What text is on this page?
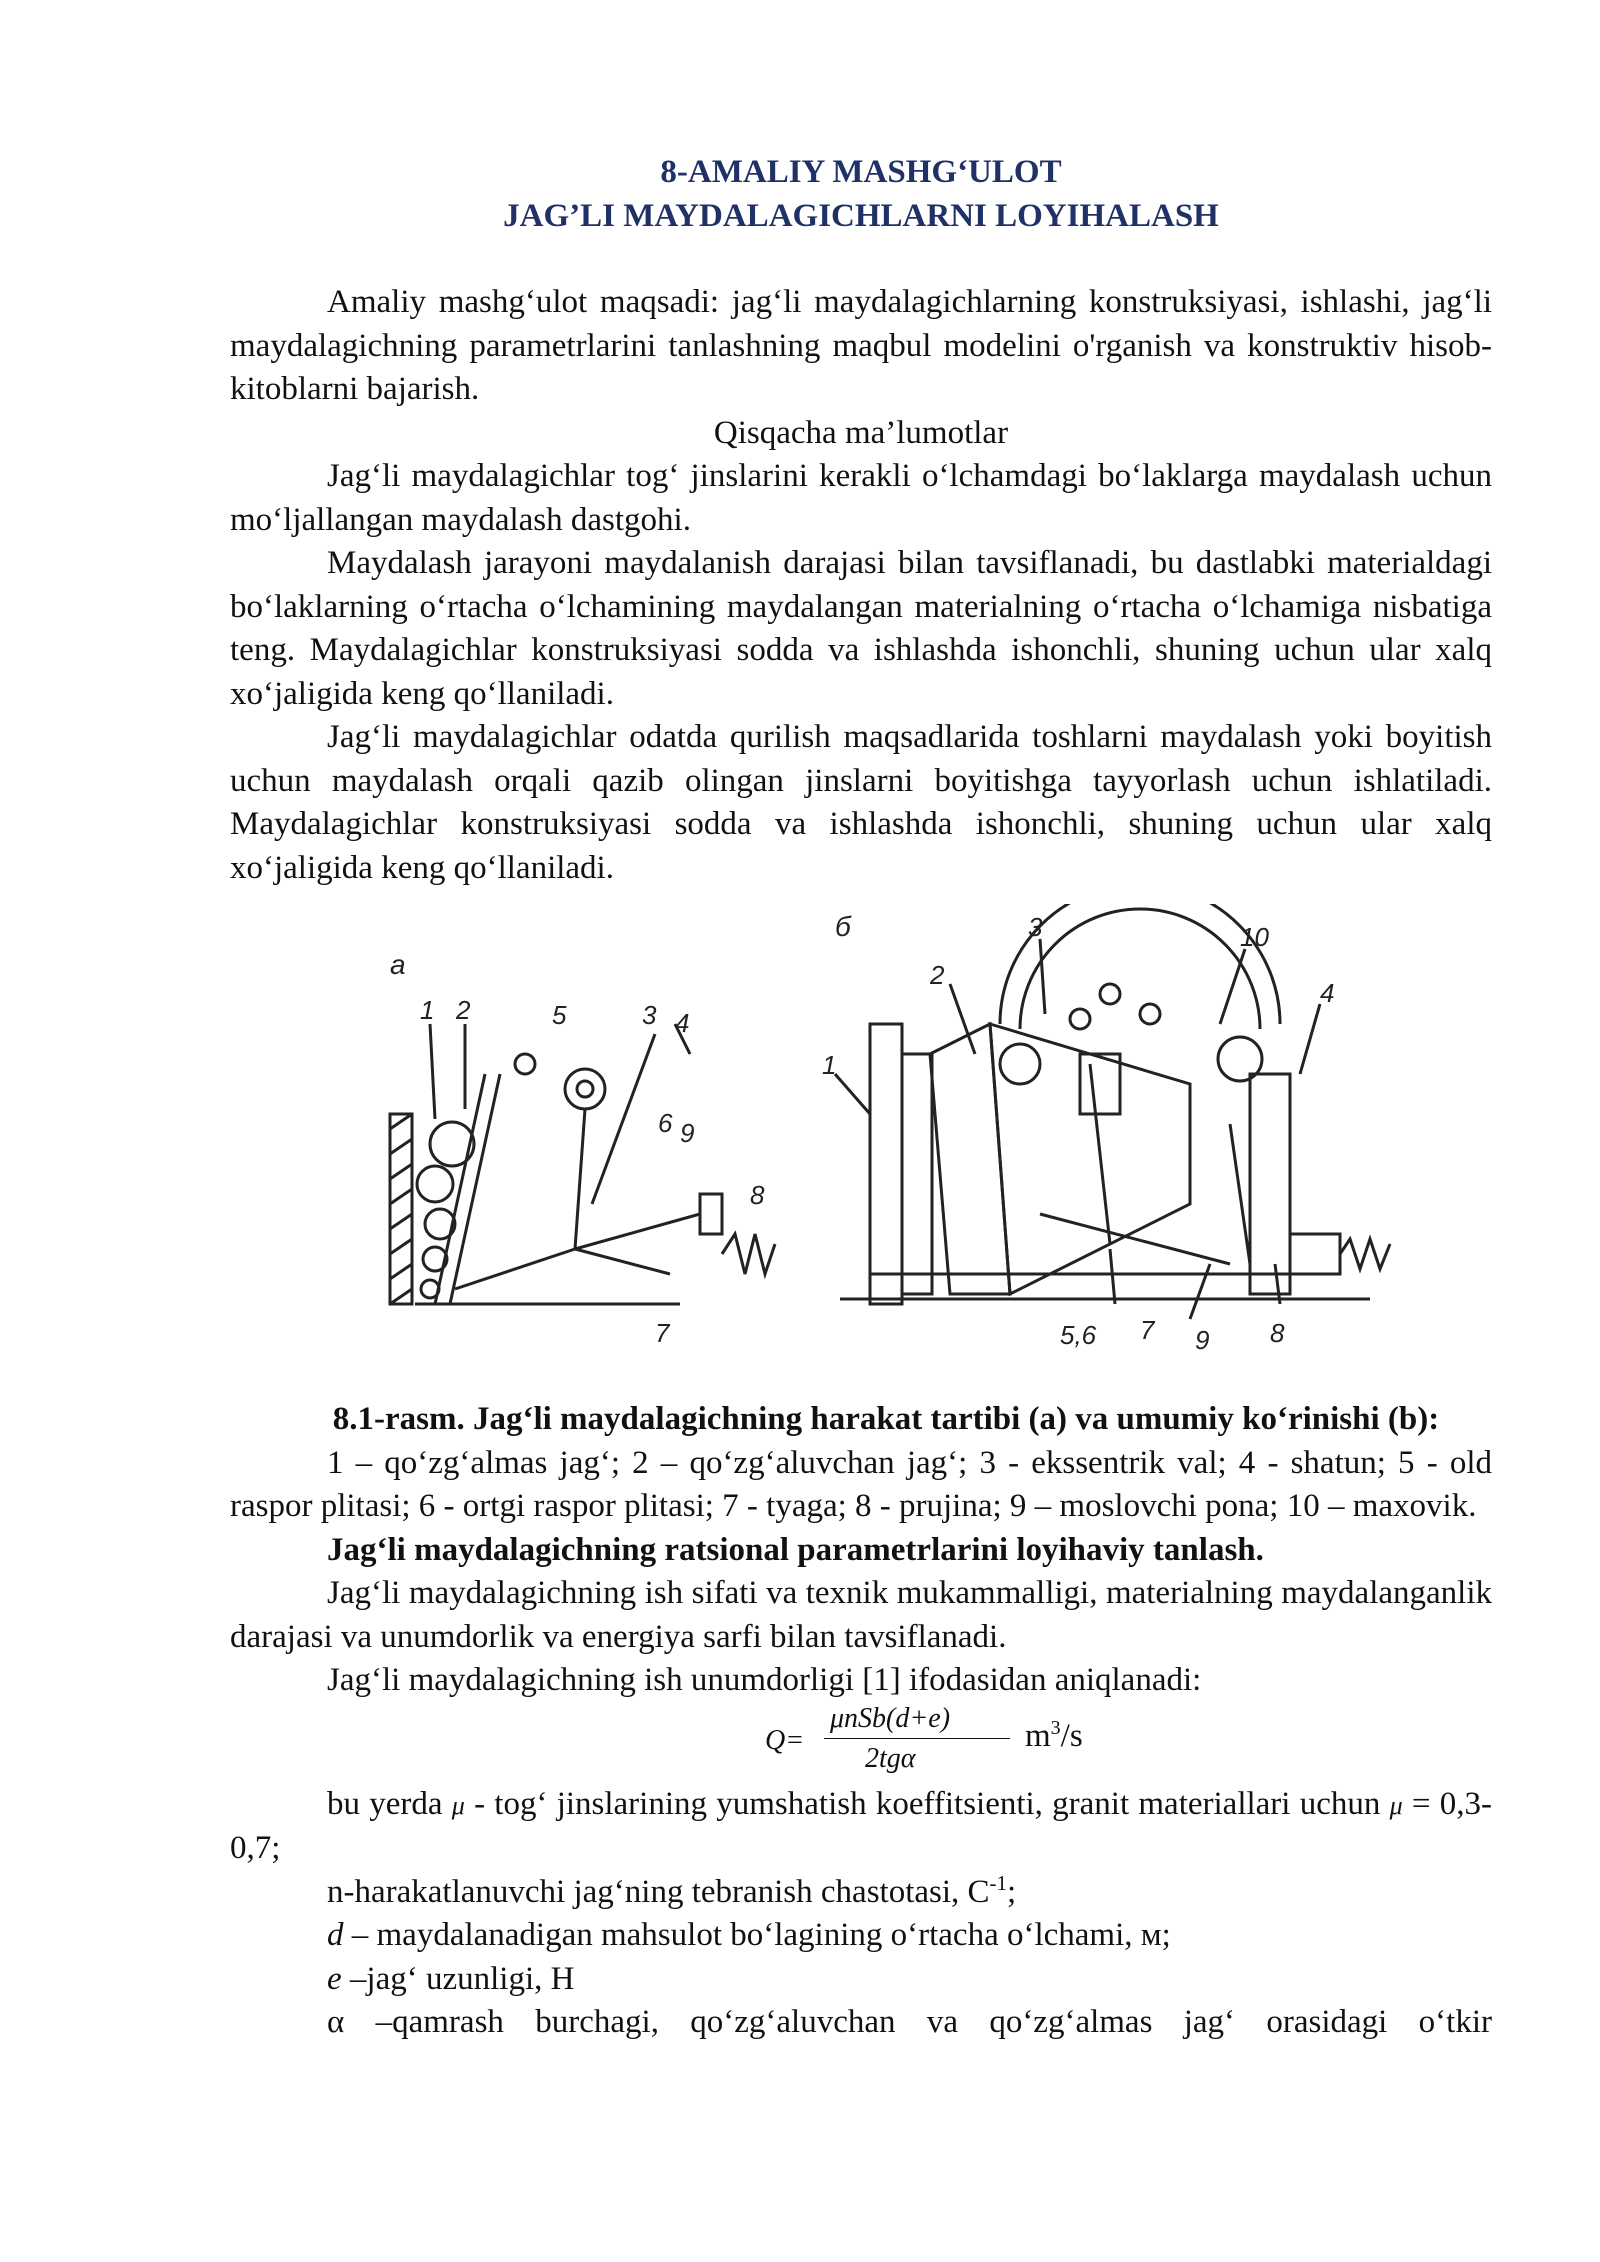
8-AMALIY MASHG‘ULOT
JAG’LI MAYDALAGICHLARNI LOYIHALASH

Amaliy mashg‘ulot maqsadi: jag‘li maydalagichlarning konstruksiyasi, ishlashi, jag‘li maydalagichning parametrlarini tanlashning maqbul modelini o'rganish va konstruktiv hisob-kitoblarni bajarish.

Qisqacha ma’lumotlar

Jag‘li maydalagichlar tog‘ jinslarini kerakli o‘lchamdagi bo‘laklarga maydalash uchun mo‘ljallangan maydalash dastgohi.

Maydalash jarayoni maydalanish darajasi bilan tavsiflanadi, bu dastlabki materialdagi bo‘laklarning o‘rtacha o‘lchamining maydalangan materialning o‘rtacha o‘lchamiga nisbatiga teng. Maydalagichlar konstruksiyasi sodda va ishlashda ishonchli, shuning uchun ular xalq xo‘jaligida keng qo‘llaniladi.

Jag‘li maydalagichlar odatda qurilish maqsadlarida toshlarni maydalash yoki boyitish uchun maydalash orqali qazib olingan jinslarni boyitishga tayyorlash uchun ishlatiladi. Maydalagichlar konstruksiyasi sodda va ishlashda ishonchli, shuning uchun ular xalq xo‘jaligida keng qo‘llaniladi.

a
1 2	5	3 4
6 9
8
7
б	3	10
2
4
1
5,6 7 9 8

8.1-rasm. Jag‘li maydalagichning harakat tartibi (a) va umumiy ko‘rinishi (b):

1 – qo‘zg‘almas jag‘; 2 – qo‘zg‘aluvchan jag‘; 3 - ekssentrik val; 4 - shatun; 5 - old raspor plitasi; 6 - ortgi raspor plitasi; 7 - tyaga; 8 - prujina; 9 – moslovchi pona; 10 – maxovik.

Jag‘li maydalagichning ratsional parametrlarini loyihaviy tanlash.

Jag‘li maydalagichning ish sifati va texnik mukammalligi, materialning maydalanganlik darajasi va unumdorlik va energiya sarfi bilan tavsiflanadi.

Jag‘li maydalagichning ish unumdorligi [1] ifodasidan aniqlanadi:

Q=
μnSb(d+e)
2tgα
$m^3/s$

bu yerda μ - tog‘ jinslarining yumshatish koeffitsienti, granit materiallari uchun μ = 0,3-0,7;

n-harakatlanuvchi jag‘ning tebranish chastotasi, $C^{-1}$;

d – maydalanadigan mahsulot bo‘lagining o‘rtacha o‘lchami, м;

e –jag‘ uzunligi, H

α –qamrash burchagi, qo‘zg‘aluvchan va qo‘zg‘almas jag‘ orasidagi o‘tkir
